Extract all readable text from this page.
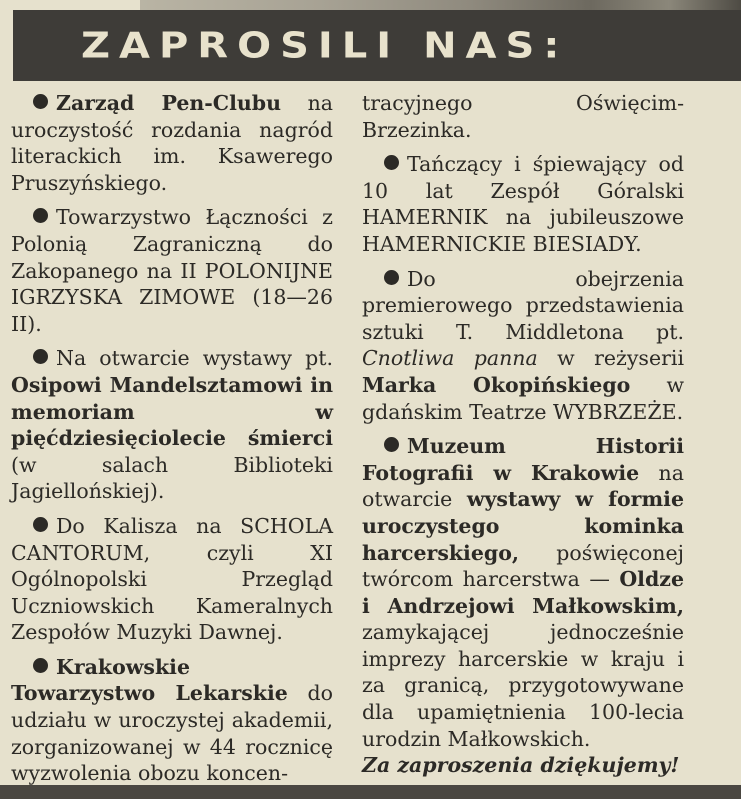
ZAPROSILI NAS:

Zarząd Pen-Clubu na uroczystość rozdania nagród literackich im. Ksawerego Pruszyńskiego.

Towarzystwo Łączności z Polonią Zagraniczną do Zakopanego na II POLONIJNE IGRZYSKA ZIMOWE (18—26 II).

Na otwarcie wystawy pt. Osipowi Mandelsztamowi in memoriam w pięćdziesięciolecie śmierci (w salach Biblioteki Jagiellońskiej).

Do Kalisza na SCHOLA CANTORUM, czyli XI Ogólnopolski Przegląd Uczniowskich Kameralnych Zespołów Muzyki Dawnej.

Krakowskie Towarzystwo Lekarskie do udziału w uroczystej akademii, zorganizowanej w 44 rocznicę wyzwolenia obozu koncen-

tracyjnego Oświęcim-Brzezinka.

Tańczący i śpiewający od 10 lat Zespół Góralski HAMERNIK na jubileuszowe HAMERNICKIE BIESIADY.

Do obejrzenia premierowego przedstawienia sztuki T. Middletona pt. Cnotliwa panna w reżyserii Marka Okopińskiego w gdańskim Teatrze WYBRZEŻE.

Muzeum Historii Fotografii w Krakowie na otwarcie wystawy w formie uroczystego kominka harcerskiego, poświęconej twórcom harcerstwa — Oldze i Andrzejowi Małkowskim, zamykającej jednocześnie imprezy harcerskie w kraju i za granicą, przygotowywane dla upamiętnienia 100-lecia urodzin Małkowskich.

Za zaproszenia dziękujemy!
